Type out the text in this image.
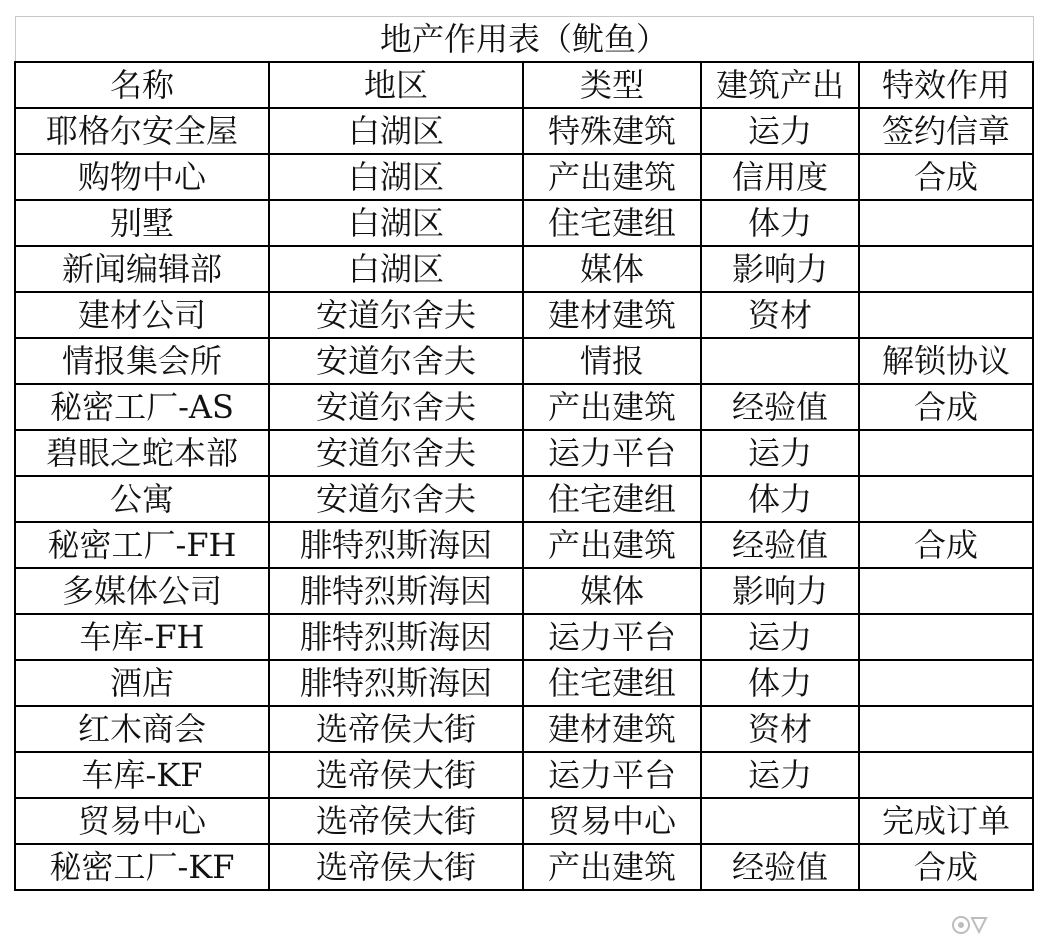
地产作用表（鱿鱼）				
名称	地区	类型	建筑产出	特效作用
耶格尔安全屋	白湖区	特殊建筑	运力	签约信章
购物中心	白湖区	产出建筑	信用度	合成
别墅	白湖区	住宅建组	体力	
新闻编辑部	白湖区	媒体	影响力	
建材公司	安道尔舍夫	建材建筑	资材	
情报集会所	安道尔舍夫	情报		解锁协议
秘密工厂-AS	安道尔舍夫	产出建筑	经验值	合成
碧眼之蛇本部	安道尔舍夫	运力平台	运力	
公寓	安道尔舍夫	住宅建组	体力	
秘密工厂-FH	腓特烈斯海因	产出建筑	经验值	合成
多媒体公司	腓特烈斯海因	媒体	影响力	
车库-FH	腓特烈斯海因	运力平台	运力	
酒店	腓特烈斯海因	住宅建组	体力	
红木商会	选帝侯大街	建材建筑	资材	
车库-KF	选帝侯大街	运力平台	运力	
贸易中心	选帝侯大街	贸易中心		完成订单
秘密工厂-KF	选帝侯大街	产出建筑	经验值	合成
